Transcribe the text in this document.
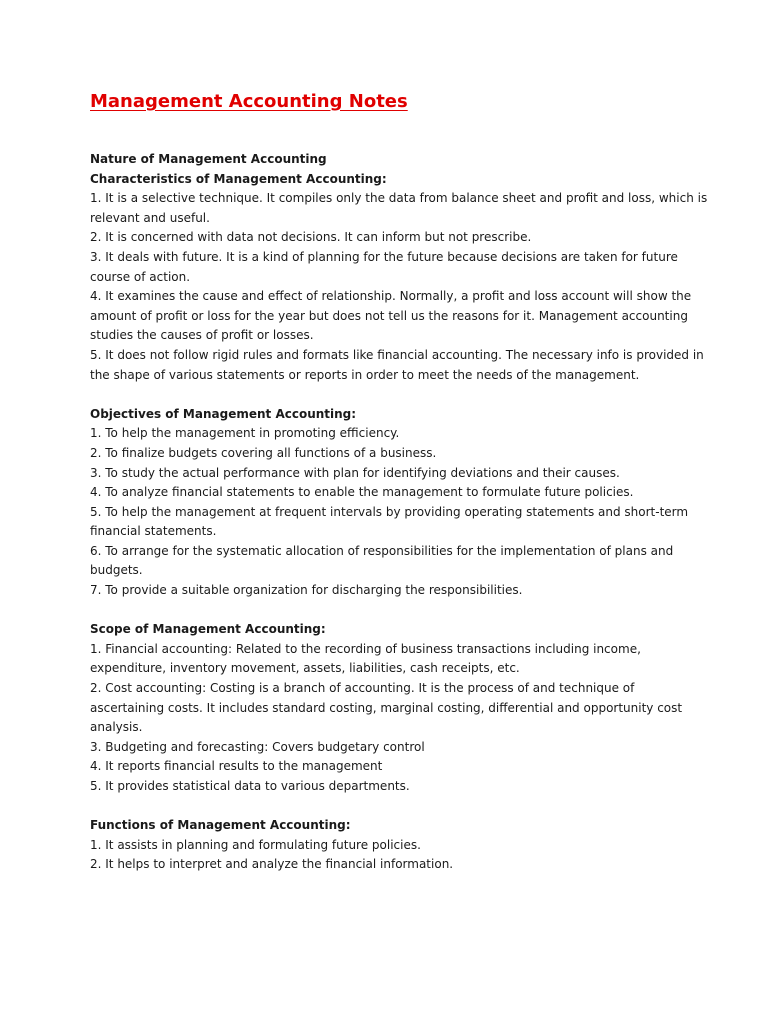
Management Accounting Notes

Nature of Management Accounting

Characteristics of Management Accounting:

1. It is a selective technique. It compiles only the data from balance sheet and profit and loss, which is relevant and useful.

2. It is concerned with data not decisions. It can inform but not prescribe.

3. It deals with future. It is a kind of planning for the future because decisions are taken for future course of action.

4. It examines the cause and effect of relationship. Normally, a profit and loss account will show the amount of profit or loss for the year but does not tell us the reasons for it. Management accounting studies the causes of profit or losses.

5. It does not follow rigid rules and formats like financial accounting. The necessary info is provided in the shape of various statements or reports in order to meet the needs of the management.

Objectives of Management Accounting:

1. To help the management in promoting efficiency.

2. To finalize budgets covering all functions of a business.

3. To study the actual performance with plan for identifying deviations and their causes.

4. To analyze financial statements to enable the management to formulate future policies.

5. To help the management at frequent intervals by providing operating statements and short-term financial statements.

6. To arrange for the systematic allocation of responsibilities for the implementation of plans and budgets.

7. To provide a suitable organization for discharging the responsibilities.

Scope of Management Accounting:

1. Financial accounting: Related to the recording of business transactions including income, expenditure, inventory movement, assets, liabilities, cash receipts, etc.

2. Cost accounting: Costing is a branch of accounting. It is the process of and technique of ascertaining costs. It includes standard costing, marginal costing, differential and opportunity cost analysis.

3. Budgeting and forecasting: Covers budgetary control

4. It reports financial results to the management

5. It provides statistical data to various departments.

Functions of Management Accounting:

1. It assists in planning and formulating future policies.

2. It helps to interpret and analyze the financial information.
